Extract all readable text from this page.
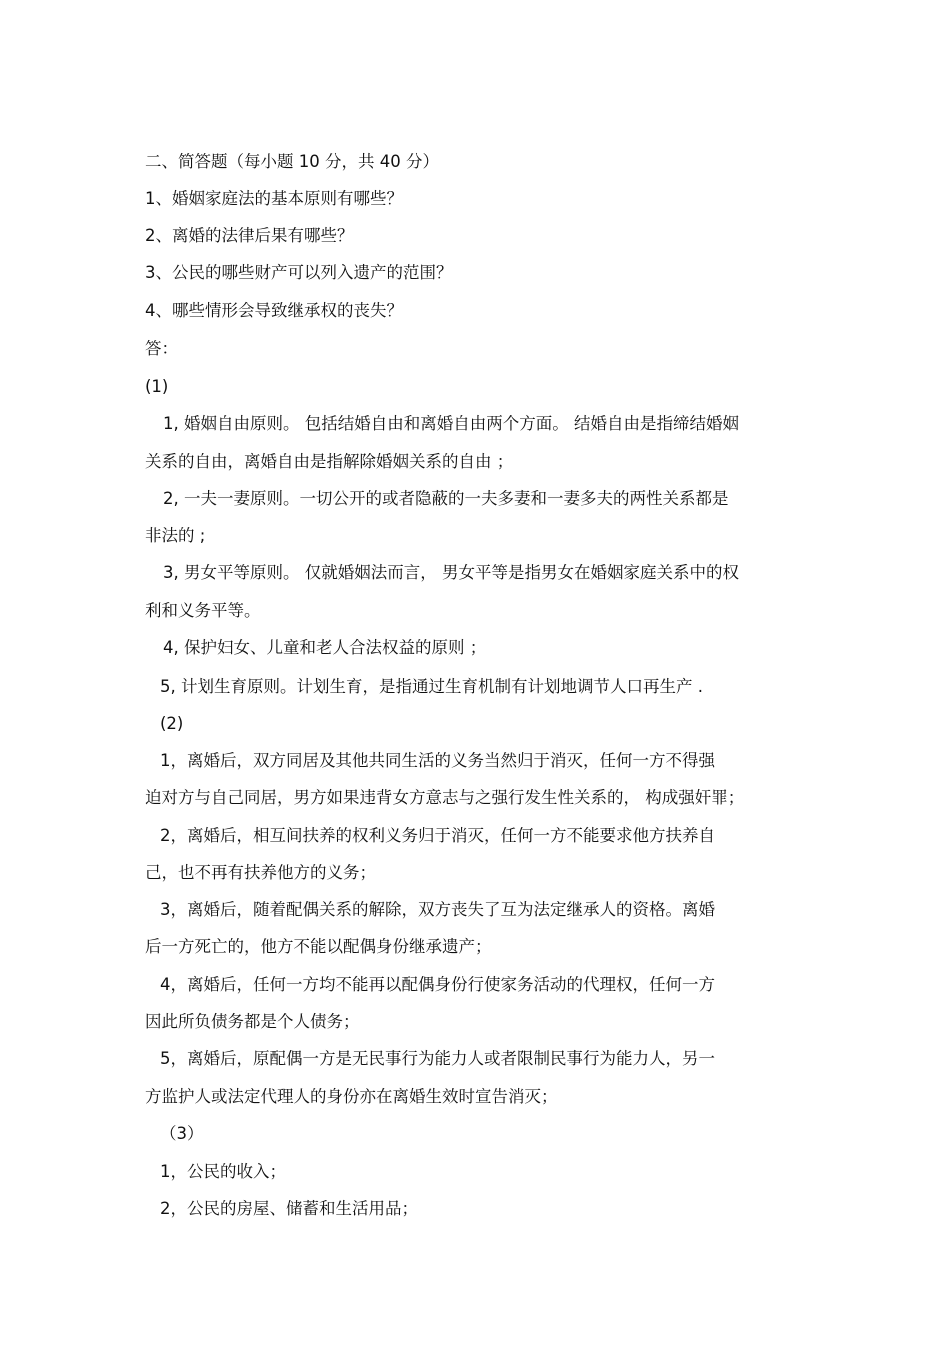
二、简答题（每小题 10 分，共 40 分）
1、婚姻家庭法的基本原则有哪些？
2、离婚的法律后果有哪些？
3、公民的哪些财产可以列入遗产的范围？
4、哪些情形会导致继承权的丧失？
答：
(1)
1, 婚姻自由原则。 包括结婚自由和离婚自由两个方面。 结婚自由是指缔结婚姻
关系的自由，离婚自由是指解除婚姻关系的自由 ；
2, 一夫一妻原则。一切公开的或者隐蔽的一夫多妻和一妻多夫的两性关系都是
非法的 ;
3, 男女平等原则。 仅就婚姻法而言， 男女平等是指男女在婚姻家庭关系中的权
利和义务平等。
4, 保护妇女、儿童和老人合法权益的原则 ；
5, 计划生育原则。计划生育，是指通过生育机制有计划地调节人口再生产 .
(2)
1，离婚后，双方同居及其他共同生活的义务当然归于消灭，任何一方不得强
迫对方与自己同居，男方如果违背女方意志与之强行发生性关系的， 构成强奸罪；
2，离婚后，相互间扶养的权利义务归于消灭，任何一方不能要求他方扶养自
己，也不再有扶养他方的义务；
3，离婚后，随着配偶关系的解除，双方丧失了互为法定继承人的资格。离婚
后一方死亡的，他方不能以配偶身份继承遗产；
4，离婚后，任何一方均不能再以配偶身份行使家务活动的代理权，任何一方
因此所负债务都是个人债务；
5，离婚后，原配偶一方是无民事行为能力人或者限制民事行为能力人，另一
方监护人或法定代理人的身份亦在离婚生效时宣告消灭；
（3）
1，公民的收入；
2，公民的房屋、储蓄和生活用品；
